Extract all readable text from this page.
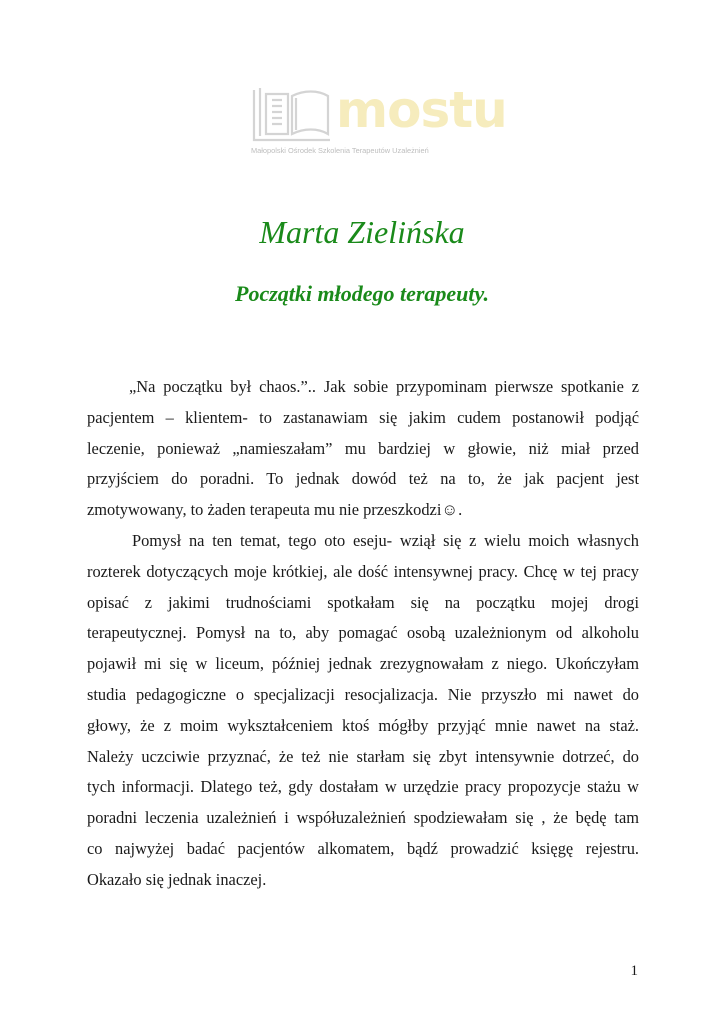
mostu
Małopolski Ośrodek Szkolenia Terapeutów Uzależnień
Marta Zielińska
Początki młodego terapeuty.
„Na początku był chaos.”.. Jak sobie przypominam pierwsze spotkanie z
pacjentem – klientem- to zastanawiam się jakim cudem postanowił podjąć
leczenie, ponieważ „namieszałam” mu bardziej w głowie, niż miał przed
przyjściem do poradni. To jednak dowód też na to, że jak pacjent jest
zmotywowany, to żaden terapeuta mu nie przeszkodzi☺.
Pomysł na ten temat, tego oto eseju- wziął się z wielu moich własnych
rozterek dotyczących moje krótkiej, ale dość intensywnej pracy. Chcę w tej pracy
opisać z jakimi trudnościami spotkałam się na początku mojej drogi
terapeutycznej. Pomysł na to, aby pomagać osobą uzależnionym od alkoholu
pojawił mi się w liceum, później jednak zrezygnowałam z niego. Ukończyłam
studia pedagogiczne o specjalizacji resocjalizacja. Nie przyszło mi nawet do
głowy, że z moim wykształceniem ktoś mógłby przyjąć mnie nawet na staż.
Należy uczciwie przyznać, że też nie starłam się zbyt intensywnie dotrzeć, do
tych informacji. Dlatego też, gdy dostałam w urzędzie pracy propozycje stażu w
poradni leczenia uzależnień i współuzależnień spodziewałam się , że będę tam
co najwyżej badać pacjentów alkomatem, bądź prowadzić księgę rejestru.
Okazało się jednak inaczej.
1
